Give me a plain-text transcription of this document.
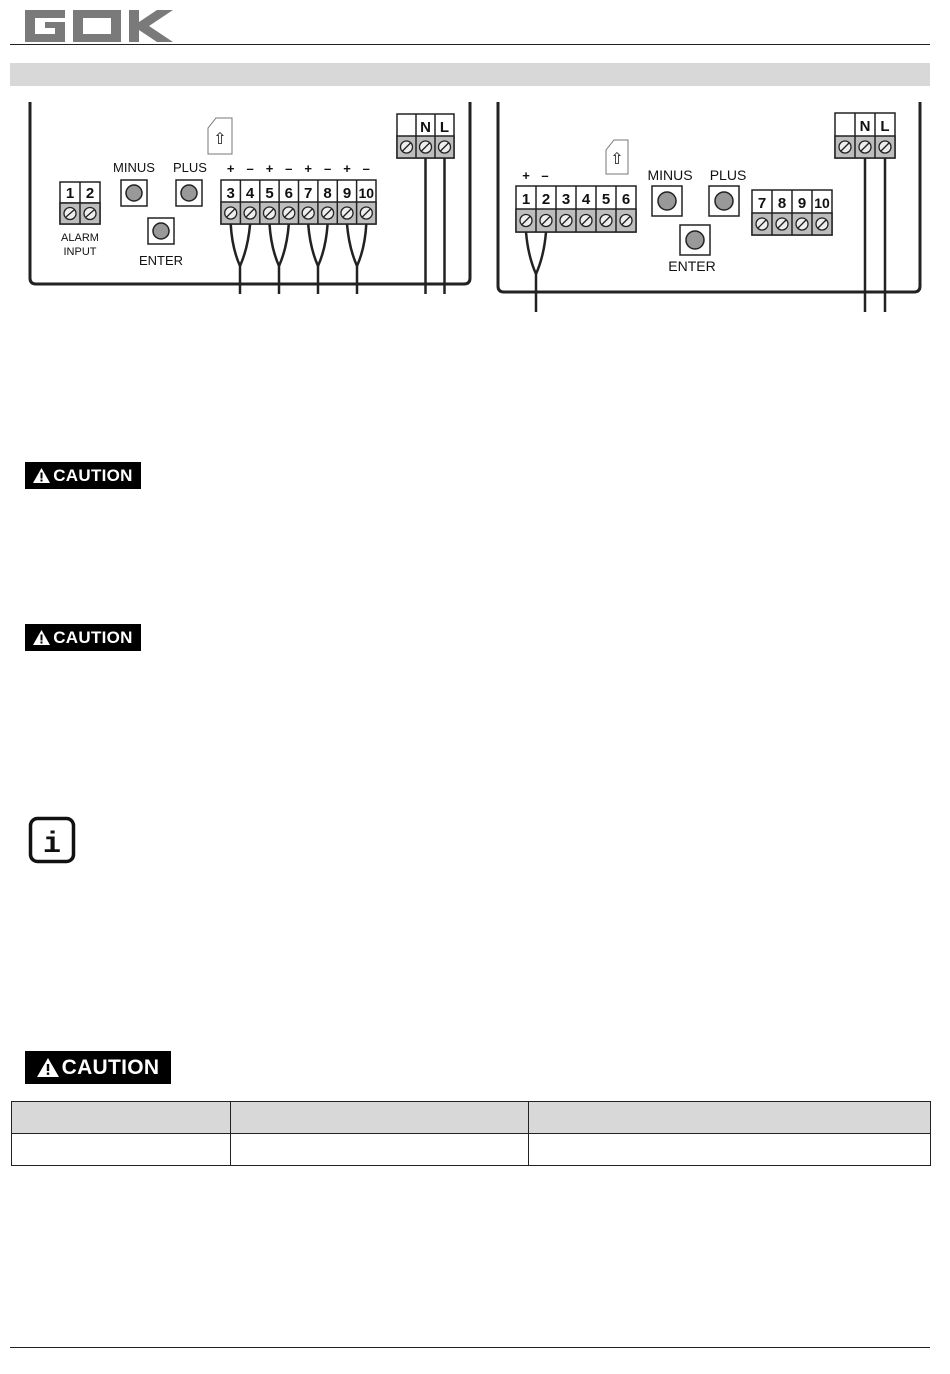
⇧
MINUS PLUS
ENTER
1 2
ALARM
INPUT
3 4 5 6 7 8 9 10
+ – + – + – + –
N L
⇧
+ –
1 2 3 4 5 6
MINUS PLUS
ENTER
7 8 9 10
N L
CAUTION
CAUTION
i
CAUTION
